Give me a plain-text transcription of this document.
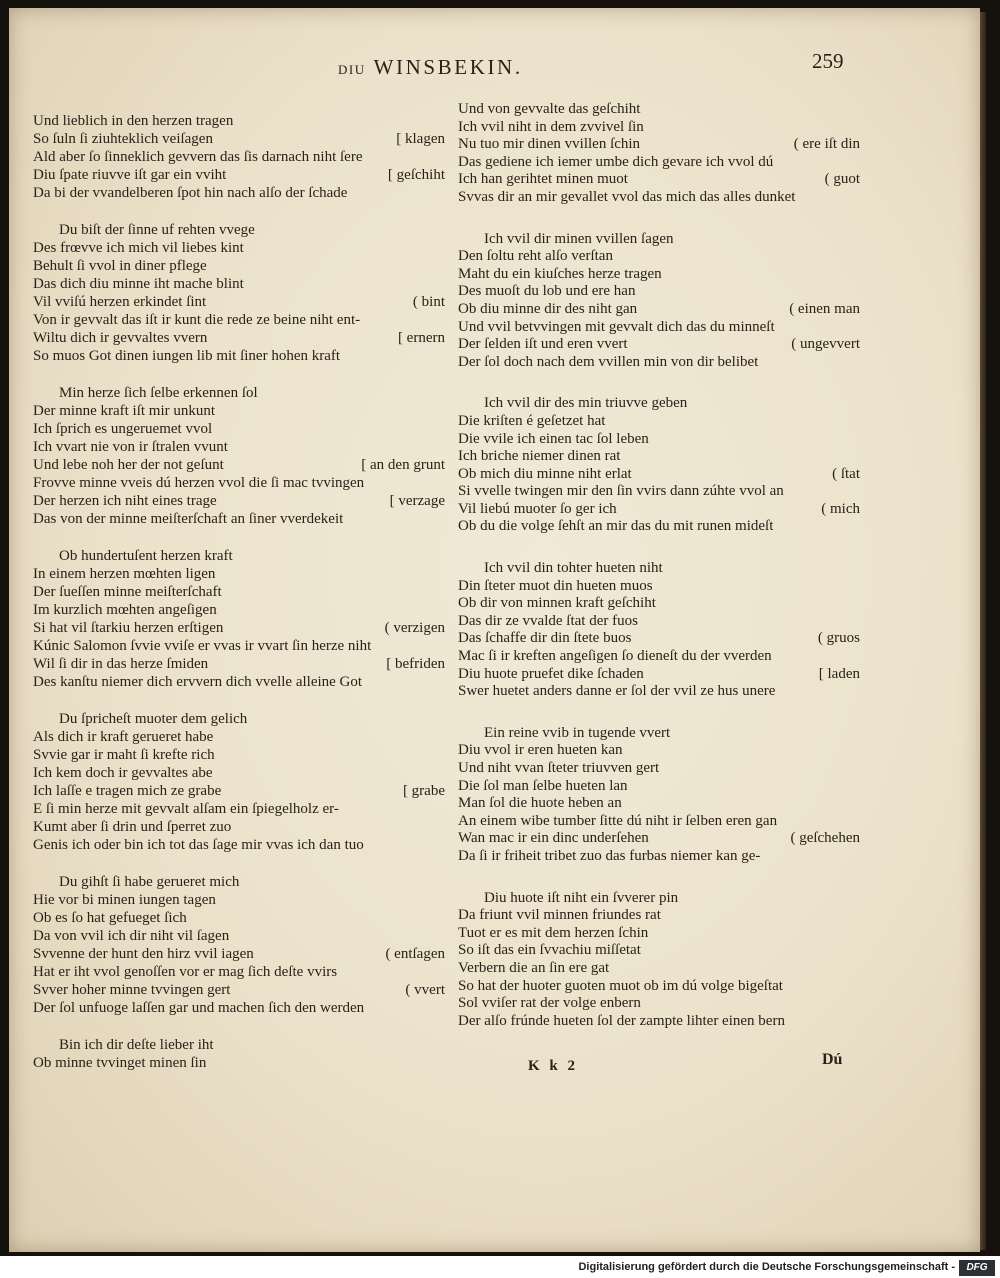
DIU WINSBEKIN.	259
Und lieblich in den herzen tragen
So ſuln ſi ziuhteklich veiſagen	[ klagen
Ald aber ſo ſinneklich gevvern das ſis darnach niht ſere
Diu ſpate riuvve iſt gar ein vviht	[ geſchiht
Da bi der vvandelberen ſpot hin nach alſo der ſchade
Du biſt der ſinne uf rehten vvege
Des frœvve ich mich vil liebes kint
Behult ſi vvol in diner pflege
Das dich diu minne iht mache blint
Vil vviſú herzen erkindet ſint	( bint
Von ir gevvalt das iſt ir kunt die rede ze beine niht ent-
Wiltu dich ir gevvaltes vvern	[ ernern
So muos Got dinen iungen lib mit ſiner hohen kraft
Min herze ſich ſelbe erkennen ſol
Der minne kraft iſt mir unkunt
Ich ſprich es ungeruemet vvol
Ich vvart nie von ir ſtralen vvunt
Und lebe noh her der not geſunt	[ an den grunt
Frovve minne vveis dú herzen vvol die ſi mac tvvingen
Der herzen ich niht eines trage	[ verzage
Das von der minne meiſterſchaft an ſiner vverdekeit
Ob hundertuſent herzen kraft
In einem herzen mœhten ligen
Der ſueſſen minne meiſterſchaft
Im kurzlich mœhten angeſigen
Si hat vil ſtarkiu herzen erſtigen	( verzigen
Kúnic Salomon ſvvie vviſe er vvas ir vvart ſin herze niht
Wil ſi dir in das herze ſmiden	[ befriden
Des kanſtu niemer dich ervvern dich vvelle alleine Got
Du ſpricheſt muoter dem gelich
Als dich ir kraft gerueret habe
Svvie gar ir maht ſi krefte rich
Ich kem doch ir gevvaltes abe
Ich laſſe e tragen mich ze grabe	[ grabe
E ſi min herze mit gevvalt alſam ein ſpiegelholz er-
Kumt aber ſi drin und ſperret zuo
Genis ich oder bin ich tot das ſage mir vvas ich dan tuo
Du gihſt ſi habe gerueret mich
Hie vor bi minen iungen tagen
Ob es ſo hat gefueget ſich
Da von vvil ich dir niht vil ſagen
Svvenne der hunt den hirz vvil iagen	( entſagen
Hat er iht vvol genoſſen vor er mag ſich deſte vvirs
Svver hoher minne tvvingen gert	( vvert
Der ſol unfuoge laſſen gar und machen ſich den werden
Bin ich dir deſte lieber iht
Ob minne tvvinget minen ſin
Und von gevvalte das geſchiht
Ich vvil niht in dem zvvivel ſin
Nu tuo mir dinen vvillen ſchin	( ere iſt din
Das gediene ich iemer umbe dich gevare ich vvol dú
Ich han gerihtet minen muot	( guot
Svvas dir an mir gevallet vvol das mich das alles dunket
Ich vvil dir minen vvillen ſagen
Den ſoltu reht alſo verſtan
Maht du ein kiuſches herze tragen
Des muoſt du lob und ere han
Ob diu minne dir des niht gan	( einen man
Und vvil betvvingen mit gevvalt dich das du minneſt
Der ſelden iſt und eren vvert	( ungevvert
Der ſol doch nach dem vvillen min von dir belibet
Ich vvil dir des min triuvve geben
Die kriſten é geſetzet hat
Die vvile ich einen tac ſol leben
Ich briche niemer dinen rat
Ob mich diu minne niht erlat	( ſtat
Si vvelle twingen mir den ſin vvirs dann zúhte vvol an
Vil liebú muoter ſo ger ich	( mich
Ob du die volge ſehſt an mir das du mit runen mideſt
Ich vvil din tohter hueten niht
Din ſteter muot din hueten muos
Ob dir von minnen kraft geſchiht
Das dir ze vvalde ſtat der fuos
Das ſchaffe dir din ſtete buos	( gruos
Mac ſi ir kreften angeſigen ſo dieneſt du der vverden
Diu huote pruefet dike ſchaden	[ laden
Swer huetet anders danne er ſol der vvil ze hus unere
Ein reine vvib in tugende vvert
Diu vvol ir eren hueten kan
Und niht vvan ſteter triuvven gert
Die ſol man ſelbe hueten lan
Man ſol die huote heben an
An einem wibe tumber ſitte dú niht ir ſelben eren gan
Wan mac ir ein dinc underſehen	( geſchehen
Da ſi ir friheit tribet zuo das furbas niemer kan ge-
Diu huote iſt niht ein ſvverer pin
Da friunt vvil minnen friundes rat
Tuot er es mit dem herzen ſchin
So iſt das ein ſvvachiu miſſetat
Verbern die an ſin ere gat
So hat der huoter guoten muot ob im dú volge bigeſtat
Sol vviſer rat der volge enbern
Der alſo frúnde hueten ſol der zampte lihter einen bern
K k 2	Dú
Digitalisierung gefördert durch die Deutsche Forschungsgemeinschaft -	DFG
